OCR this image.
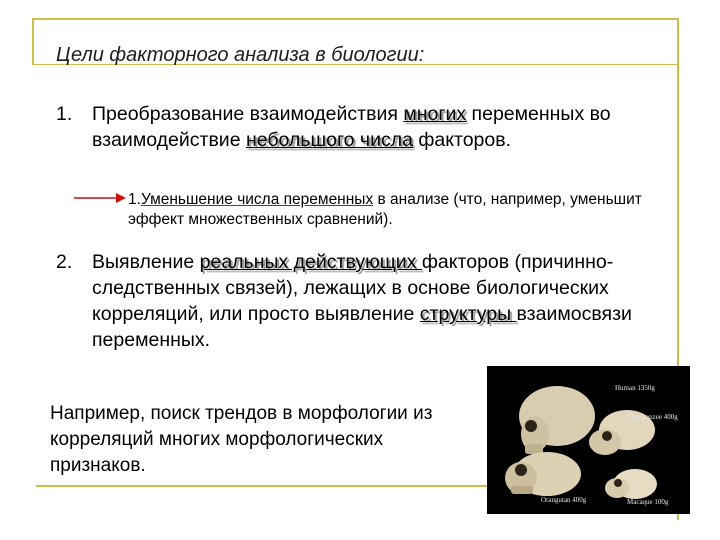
Цели факторного анализа в биологии:
1.	Преобразование взаимодействия многих переменных во взаимодействие небольшого числа факторов.
1.Уменьшение числа переменных в анализе (что, например, уменьшит эффект множественных сравнений).
2.	Выявление реальных действующих факторов (причинно-следственных связей), лежащих в основе биологических корреляций, или просто выявление структуры взаимосвязи переменных.
Например, поиск трендов в морфологии из корреляций многих морфологических признаков.
Human 1350g
Chimpanzee 400g
Orangutan 400g	Macaque 100g
